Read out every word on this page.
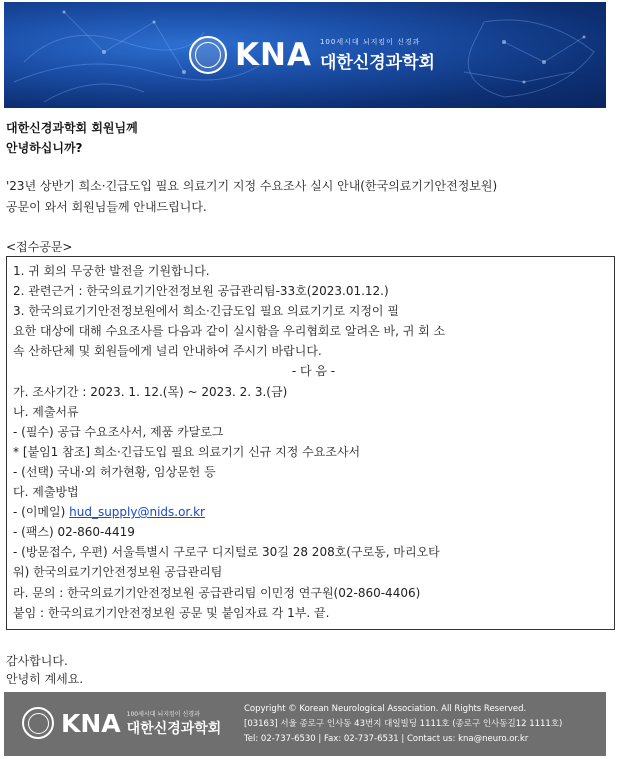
KNA 100세시대 뇌지킴이 신경과
대한신경과학회
대한신경과학회 회원님께
안녕하십니까?
'23년 상반기 희소·긴급도입 필요 의료기기 지정 수요조사 실시 안내(한국의료기기안전정보원)
공문이 와서 회원님들께 안내드립니다.
<접수공문>
1. 귀 회의 무궁한 발전을 기원합니다.
2. 관련근거 : 한국의료기기안전정보원 공급관리팀-33호(2023.01.12.)
3. 한국의료기기안전정보원에서 희소·긴급도입 필요 의료기기로 지정이 필
요한 대상에 대해 수요조사를 다음과 같이 실시함을 우리협회로 알려온 바, 귀 회 소
속 산하단체 및 회원들에게 널리 안내하여 주시기 바랍니다.
- 다 음 -
가. 조사기간 : 2023. 1. 12.(목) ~ 2023. 2. 3.(금)
나. 제출서류
- (필수) 공급 수요조사서, 제품 카달로그
* [붙임1 참조] 희소·긴급도입 필요 의료기기 신규 지정 수요조사서
- (선택) 국내·외 허가현황, 임상문헌 등
다. 제출방법
- (이메일) hud_supply@nids.or.kr
- (팩스) 02-860-4419
- (방문접수, 우편) 서울특별시 구로구 디지털로 30길 28 208호(구로동, 마리오타
워) 한국의료기기안전정보원 공급관리팀
라. 문의 : 한국의료기기안전정보원 공급관리팀 이민정 연구원(02-860-4406)
붙임 : 한국의료기기안전정보원 공문 및 붙임자료 각 1부. 끝.
감사합니다.
안녕히 계세요.
KNA 100세시대 뇌지킴이 신경과
대한신경과학회
Copyright © Korean Neurological Association. All Rights Reserved.
[03163] 서울 종로구 인사동 43번지 대일빌딩 1111호 (종로구 인사동길12 1111호)
Tel: 02-737-6530 | Fax: 02-737-6531 | Contact us: kna@neuro.or.kr
